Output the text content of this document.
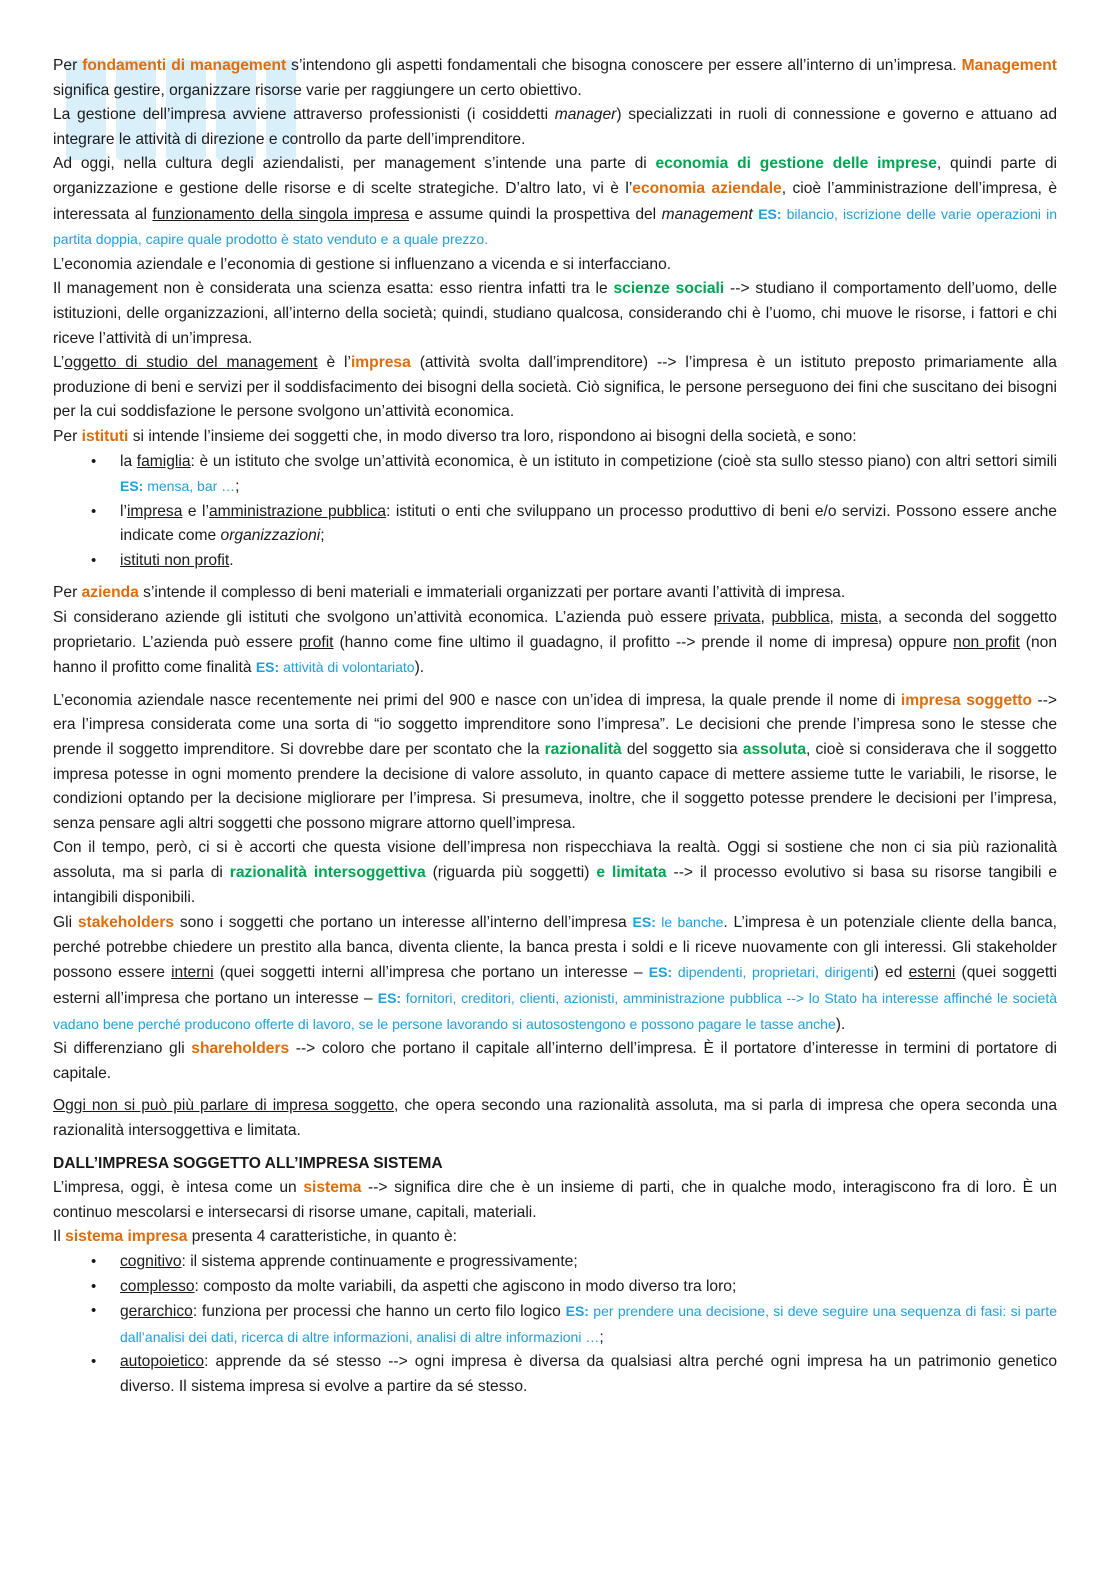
Per fondamenti di management s’intendono gli aspetti fondamentali che bisogna conoscere per essere all’interno di un’impresa. Management significa gestire, organizzare risorse varie per raggiungere un certo obiettivo.

La gestione dell’impresa avviene attraverso professionisti (i cosiddetti manager) specializzati in ruoli di connessione e governo e attuano ad integrare le attività di direzione e controllo da parte dell’imprenditore.

Ad oggi, nella cultura degli aziendalisti, per management s’intende una parte di economia di gestione delle imprese, quindi parte di organizzazione e gestione delle risorse e di scelte strategiche. D’altro lato, vi è l’economia aziendale, cioè l’amministrazione dell’impresa, è interessata al funzionamento della singola impresa e assume quindi la prospettiva del management ES: bilancio, iscrizione delle varie operazioni in partita doppia, capire quale prodotto è stato venduto e a quale prezzo.

L’economia aziendale e l’economia di gestione si influenzano a vicenda e si interfacciano.

Il management non è considerata una scienza esatta: esso rientra infatti tra le scienze sociali --> studiano il comportamento dell’uomo, delle istituzioni, delle organizzazioni, all’interno della società; quindi, studiano qualcosa, considerando chi è l’uomo, chi muove le risorse, i fattori e chi riceve l’attività di un’impresa.

L’oggetto di studio del management è l’impresa (attività svolta dall’imprenditore) --> l’impresa è un istituto preposto primariamente alla produzione di beni e servizi per il soddisfacimento dei bisogni della società. Ciò significa, le persone perseguono dei fini che suscitano dei bisogni per la cui soddisfazione le persone svolgono un’attività economica.

Per istituti si intende l’insieme dei soggetti che, in modo diverso tra loro, rispondono ai bisogni della società, e sono:

• la famiglia: è un istituto che svolge un’attività economica, è un istituto in competizione (cioè sta sullo stesso piano) con altri settori simili ES: mensa, bar …;
• l’impresa e l’amministrazione pubblica: istituti o enti che sviluppano un processo produttivo di beni e/o servizi. Possono essere anche indicate come organizzazioni;
• istituti non profit.

Per azienda s’intende il complesso di beni materiali e immateriali organizzati per portare avanti l’attività di impresa.

Si considerano aziende gli istituti che svolgono un’attività economica. L’azienda può essere privata, pubblica, mista, a seconda del soggetto proprietario. L’azienda può essere profit (hanno come fine ultimo il guadagno, il profitto --> prende il nome di impresa) oppure non profit (non hanno il profitto come finalità ES: attività di volontariato).

L’economia aziendale nasce recentemente nei primi del 900 e nasce con un’idea di impresa, la quale prende il nome di impresa soggetto --> era l’impresa considerata come una sorta di “io soggetto imprenditore sono l’impresa”. Le decisioni che prende l’impresa sono le stesse che prende il soggetto imprenditore. Si dovrebbe dare per scontato che la razionalità del soggetto sia assoluta, cioè si considerava che il soggetto impresa potesse in ogni momento prendere la decisione di valore assoluto, in quanto capace di mettere assieme tutte le variabili, le risorse, le condizioni optando per la decisione migliorare per l’impresa. Si presumeva, inoltre, che il soggetto potesse prendere le decisioni per l’impresa, senza pensare agli altri soggetti che possono migrare attorno quell’impresa.

Con il tempo, però, ci si è accorti che questa visione dell’impresa non rispecchiava la realtà. Oggi si sostiene che non ci sia più razionalità assoluta, ma si parla di razionalità intersoggettiva (riguarda più soggetti) e limitata --> il processo evolutivo si basa su risorse tangibili e intangibili disponibili.

Gli stakeholders sono i soggetti che portano un interesse all’interno dell’impresa ES: le banche. L’impresa è un potenziale cliente della banca, perché potrebbe chiedere un prestito alla banca, diventa cliente, la banca presta i soldi e li riceve nuovamente con gli interessi. Gli stakeholder possono essere interni (quei soggetti interni all’impresa che portano un interesse – ES: dipendenti, proprietari, dirigenti) ed esterni (quei soggetti esterni all’impresa che portano un interesse – ES: fornitori, creditori, clienti, azionisti, amministrazione pubblica --> lo Stato ha interesse affinché le società vadano bene perché producono offerte di lavoro, se le persone lavorando si autosostengono e possono pagare le tasse anche).

Si differenziano gli shareholders --> coloro che portano il capitale all’interno dell’impresa. È il portatore d’interesse in termini di portatore di capitale.

Oggi non si può più parlare di impresa soggetto, che opera secondo una razionalità assoluta, ma si parla di impresa che opera seconda una razionalità intersoggettiva e limitata.

DALL’IMPRESA SOGGETTO ALL’IMPRESA SISTEMA

L’impresa, oggi, è intesa come un sistema --> significa dire che è un insieme di parti, che in qualche modo, interagiscono fra di loro. È un continuo mescolarsi e intersecarsi di risorse umane, capitali, materiali.

Il sistema impresa presenta 4 caratteristiche, in quanto è:

• cognitivo: il sistema apprende continuamente e progressivamente;
• complesso: composto da molte variabili, da aspetti che agiscono in modo diverso tra loro;
• gerarchico: funziona per processi che hanno un certo filo logico ES: per prendere una decisione, si deve seguire una sequenza di fasi: si parte dall’analisi dei dati, ricerca di altre informazioni, analisi di altre informazioni …;
• autopoietico: apprende da sé stesso --> ogni impresa è diversa da qualsiasi altra perché ogni impresa ha un patrimonio genetico diverso. Il sistema impresa si evolve a partire da sé stesso.
